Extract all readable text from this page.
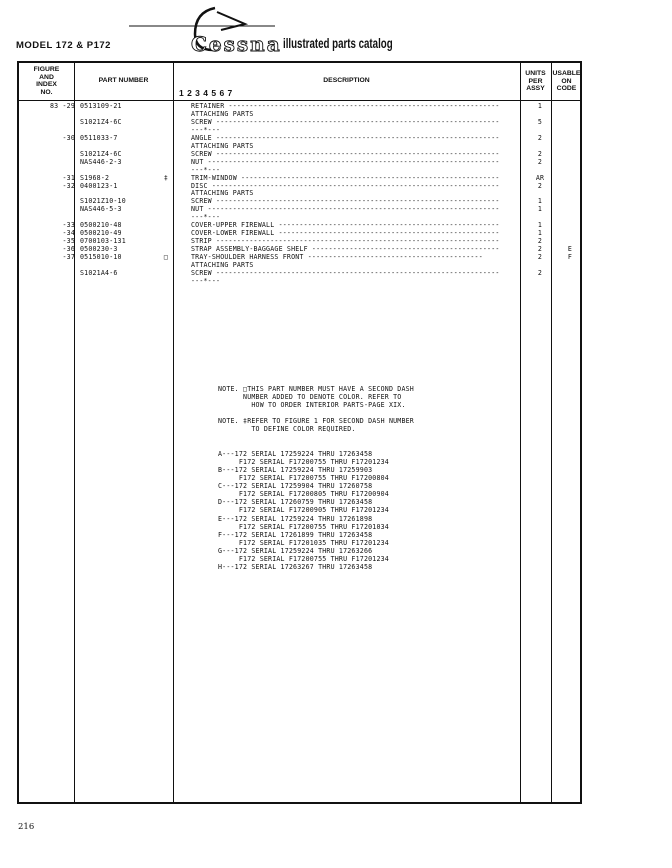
MODEL 172 & P172	Cessna illustrated parts catalog
FIGURE
AND
INDEX
NO.
PART NUMBER	DESCRIPTION
1 2 3 4 5 6 7
UNITS
PER
ASSY
USABLE
ON
CODE
83 -29 0513109-21	RETAINER -----------------------------------------------------------------	1
ATTACHING PARTS
S1021Z4-6C	SCREW --------------------------------------------------------------------	5
---*---
-30 0511033-7	ANGLE --------------------------------------------------------------------	2
ATTACHING PARTS
S1021Z4-6C	SCREW --------------------------------------------------------------------	2
NAS446-2-3	NUT ----------------------------------------------------------------------	2
---*---
-31 S1968-2	‡	TRIM-WINDOW --------------------------------------------------------------	AR
-32 0400123-1	DISC ---------------------------------------------------------------------	2
ATTACHING PARTS
S1021Z10-10	SCREW --------------------------------------------------------------------	1
NAS446-5-3	NUT ----------------------------------------------------------------------	1
---*---
-33 0500210-48	COVER-UPPER FIREWALL -----------------------------------------------------	1
-34 0500210-49	COVER-LOWER FIREWALL -----------------------------------------------------	1
-35 0700103-131	STRIP --------------------------------------------------------------------	2
-36 0500230-3	STRAP ASSEMBLY-BAGGAGE SHELF ---------------------------------------------	2	E
-37 0515010-10	□	TRAY-SHOULDER HARNESS FRONT ------------------------------------------	2	F
ATTACHING PARTS
S1021A4-6	SCREW --------------------------------------------------------------------	2
---*---
NOTE. □THIS PART NUMBER MUST HAVE A SECOND DASH
NUMBER ADDED TO DENOTE COLOR. REFER TO
HOW TO ORDER INTERIOR PARTS-PAGE XIX.
NOTE. ‡REFER TO FIGURE 1 FOR SECOND DASH NUMBER
TO DEFINE COLOR REQUIRED.
A---172 SERIAL 17259224 THRU 17263458
F172 SERIAL F17200755 THRU F17201234
B---172 SERIAL 17259224 THRU 17259903
F172 SERIAL F17200755 THRU F17200804
C---172 SERIAL 17259904 THRU 17260758
F172 SERIAL F17200805 THRU F17200904
D---172 SERIAL 17260759 THRU 17263458
F172 SERIAL F17200905 THRU F17201234
E---172 SERIAL 17259224 THRU 17261898
F172 SERIAL F17200755 THRU F17201034
F---172 SERIAL 17261899 THRU 17263458
F172 SERIAL F17201035 THRU F17201234
G---172 SERIAL 17259224 THRU 17263266
F172 SERIAL F17200755 THRU F17201234
H---172 SERIAL 17263267 THRU 17263458
216
